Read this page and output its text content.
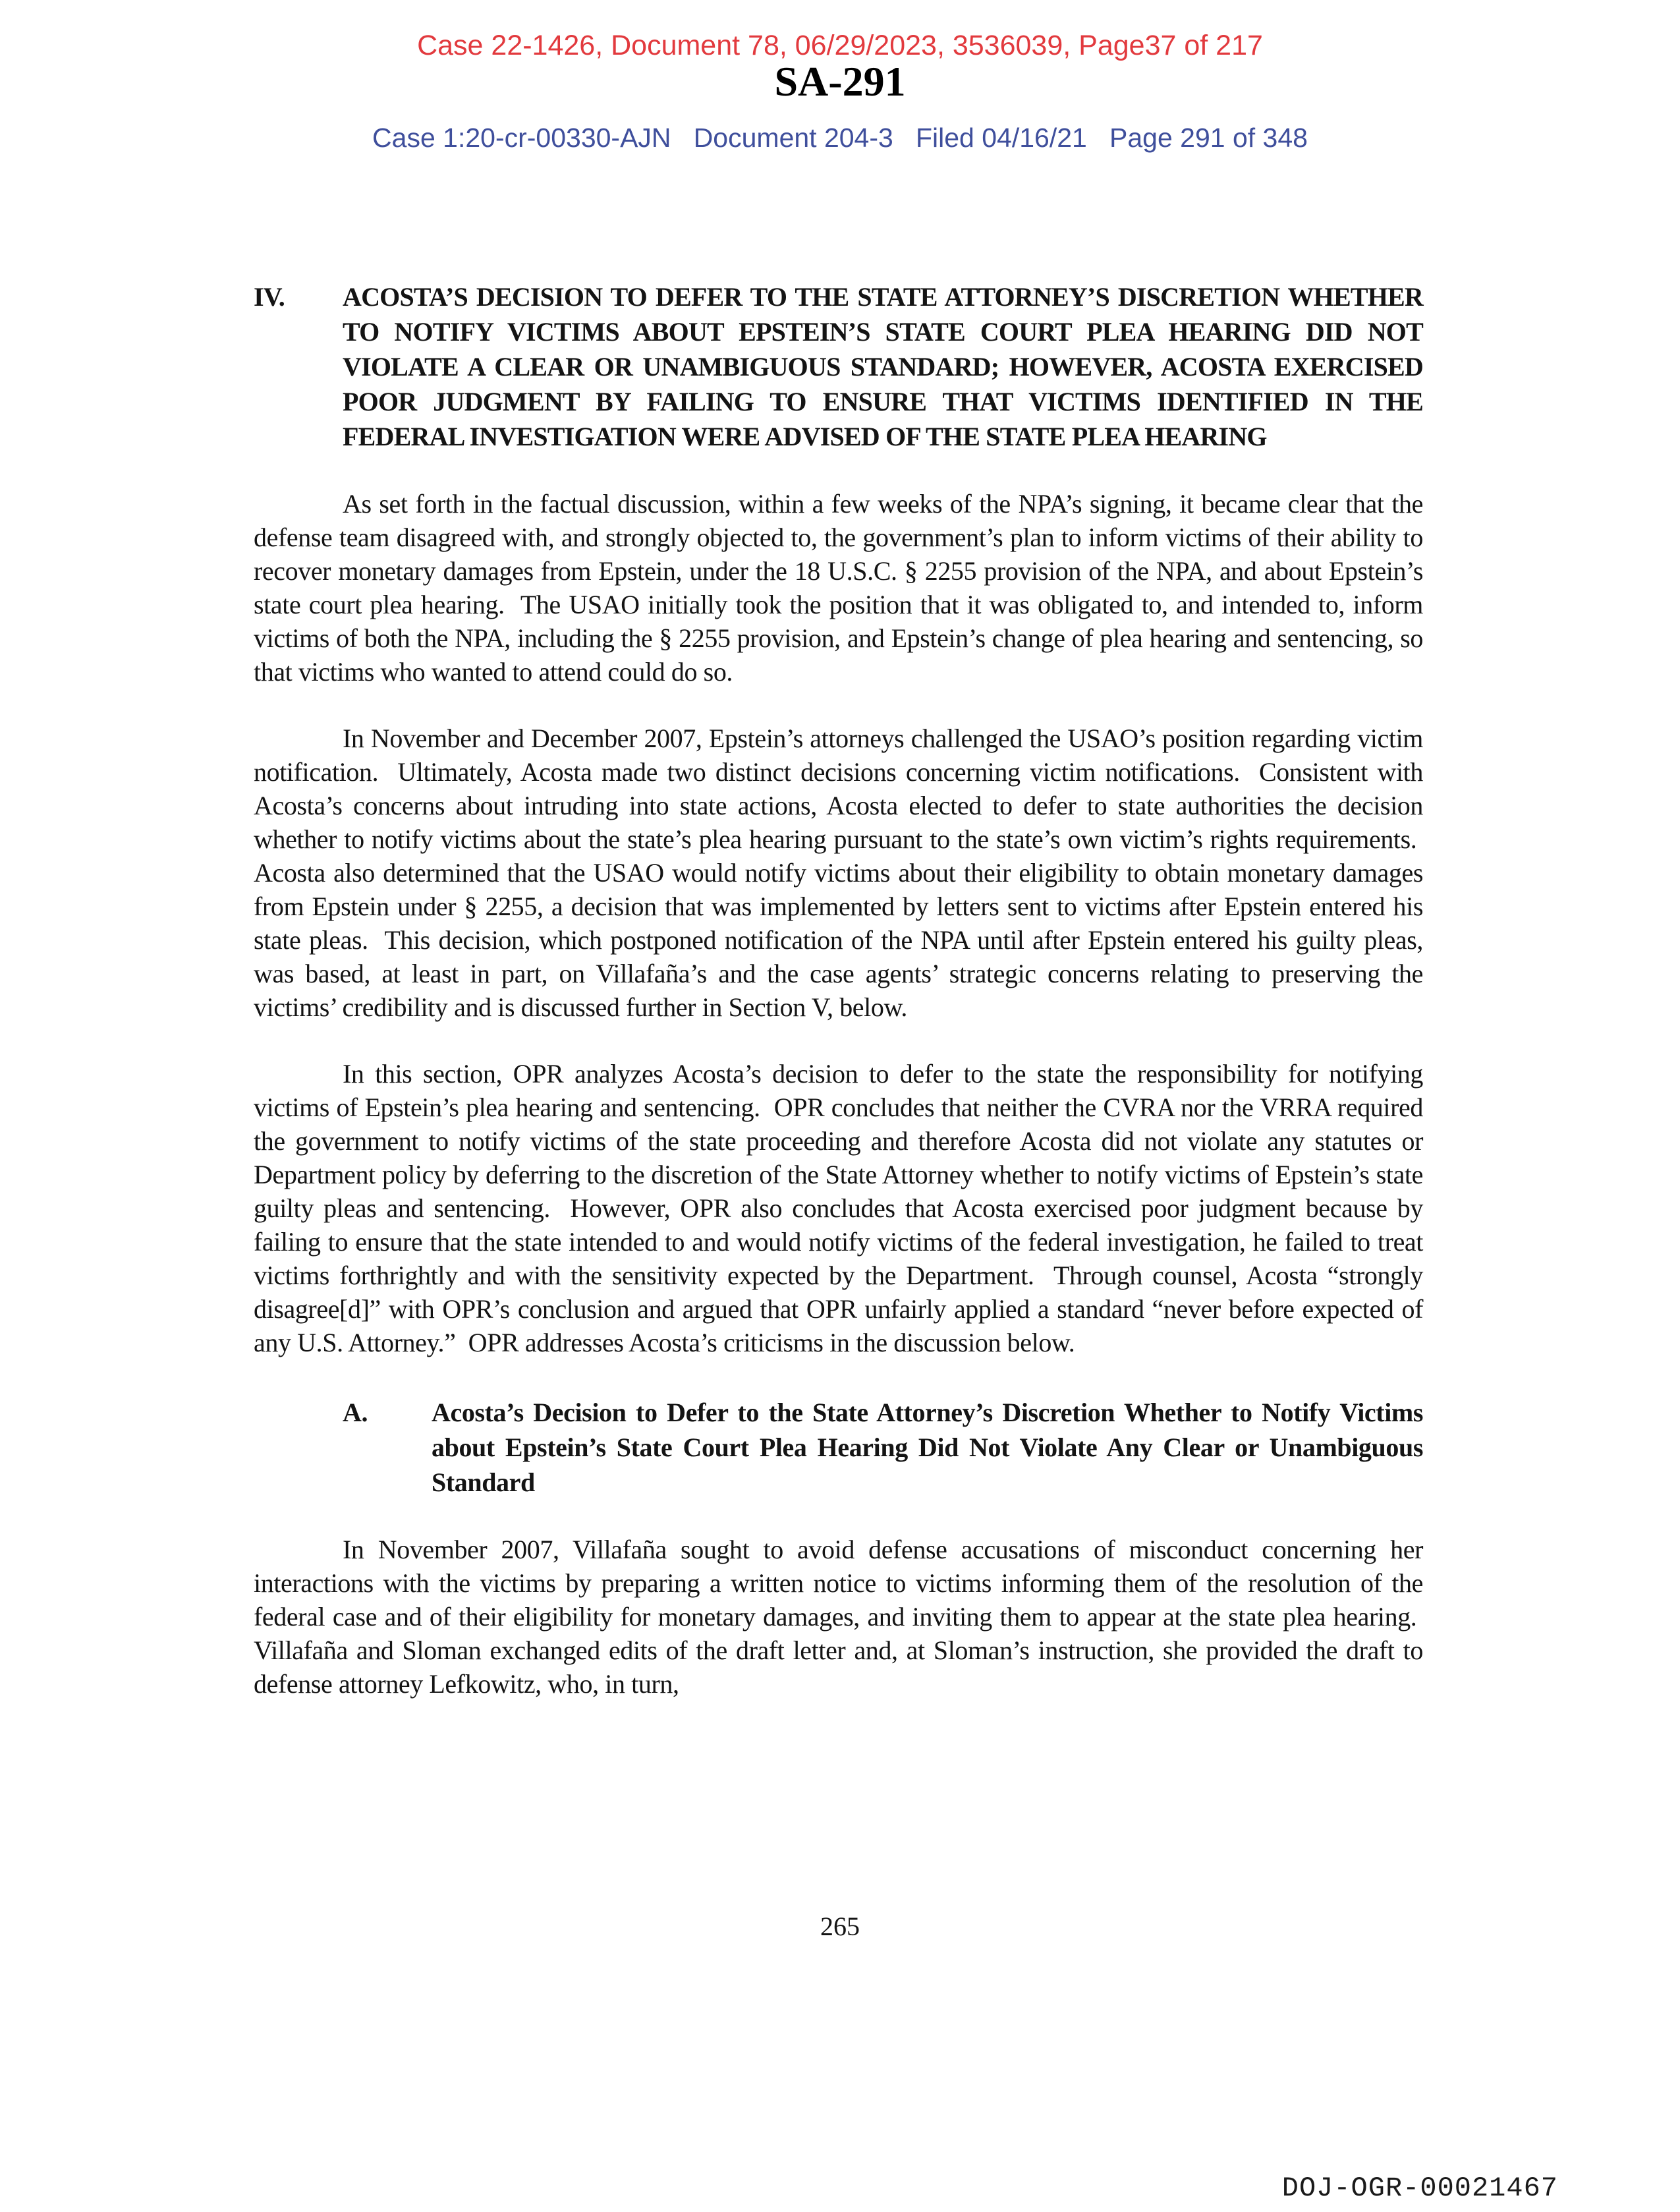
Case 22-1426, Document 78, 06/29/2023, 3536039, Page37 of 217
SA-291
Case 1:20-cr-00330-AJN   Document 204-3   Filed 04/16/21   Page 291 of 348
IV. ACOSTA’S DECISION TO DEFER TO THE STATE ATTORNEY’S DISCRETION WHETHER TO NOTIFY VICTIMS ABOUT EPSTEIN’S STATE COURT PLEA HEARING DID NOT VIOLATE A CLEAR OR UNAMBIGUOUS STANDARD; HOWEVER, ACOSTA EXERCISED POOR JUDGMENT BY FAILING TO ENSURE THAT VICTIMS IDENTIFIED IN THE FEDERAL INVESTIGATION WERE ADVISED OF THE STATE PLEA HEARING

As set forth in the factual discussion, within a few weeks of the NPA’s signing, it became clear that the defense team disagreed with, and strongly objected to, the government’s plan to inform victims of their ability to recover monetary damages from Epstein, under the 18 U.S.C. § 2255 provision of the NPA, and about Epstein’s state court plea hearing.  The USAO initially took the position that it was obligated to, and intended to, inform victims of both the NPA, including the § 2255 provision, and Epstein’s change of plea hearing and sentencing, so that victims who wanted to attend could do so.

In November and December 2007, Epstein’s attorneys challenged the USAO’s position regarding victim notification.  Ultimately, Acosta made two distinct decisions concerning victim notifications.  Consistent with Acosta’s concerns about intruding into state actions, Acosta elected to defer to state authorities the decision whether to notify victims about the state’s plea hearing pursuant to the state’s own victim’s rights requirements.  Acosta also determined that the USAO would notify victims about their eligibility to obtain monetary damages from Epstein under § 2255, a decision that was implemented by letters sent to victims after Epstein entered his state pleas.  This decision, which postponed notification of the NPA until after Epstein entered his guilty pleas, was based, at least in part, on Villafaña’s and the case agents’ strategic concerns relating to preserving the victims’ credibility and is discussed further in Section V, below.

In this section, OPR analyzes Acosta’s decision to defer to the state the responsibility for notifying victims of Epstein’s plea hearing and sentencing.  OPR concludes that neither the CVRA nor the VRRA required the government to notify victims of the state proceeding and therefore Acosta did not violate any statutes or Department policy by deferring to the discretion of the State Attorney whether to notify victims of Epstein’s state guilty pleas and sentencing.  However, OPR also concludes that Acosta exercised poor judgment because by failing to ensure that the state intended to and would notify victims of the federal investigation, he failed to treat victims forthrightly and with the sensitivity expected by the Department.  Through counsel, Acosta “strongly disagree[d]” with OPR’s conclusion and argued that OPR unfairly applied a standard “never before expected of any U.S. Attorney.”  OPR addresses Acosta’s criticisms in the discussion below.

A. Acosta’s Decision to Defer to the State Attorney’s Discretion Whether to Notify Victims about Epstein’s State Court Plea Hearing Did Not Violate Any Clear or Unambiguous Standard

In November 2007, Villafaña sought to avoid defense accusations of misconduct concerning her interactions with the victims by preparing a written notice to victims informing them of the resolution of the federal case and of their eligibility for monetary damages, and inviting them to appear at the state plea hearing.  Villafaña and Sloman exchanged edits of the draft letter and, at Sloman’s instruction, she provided the draft to defense attorney Lefkowitz, who, in turn,

265
DOJ-OGR-00021467
